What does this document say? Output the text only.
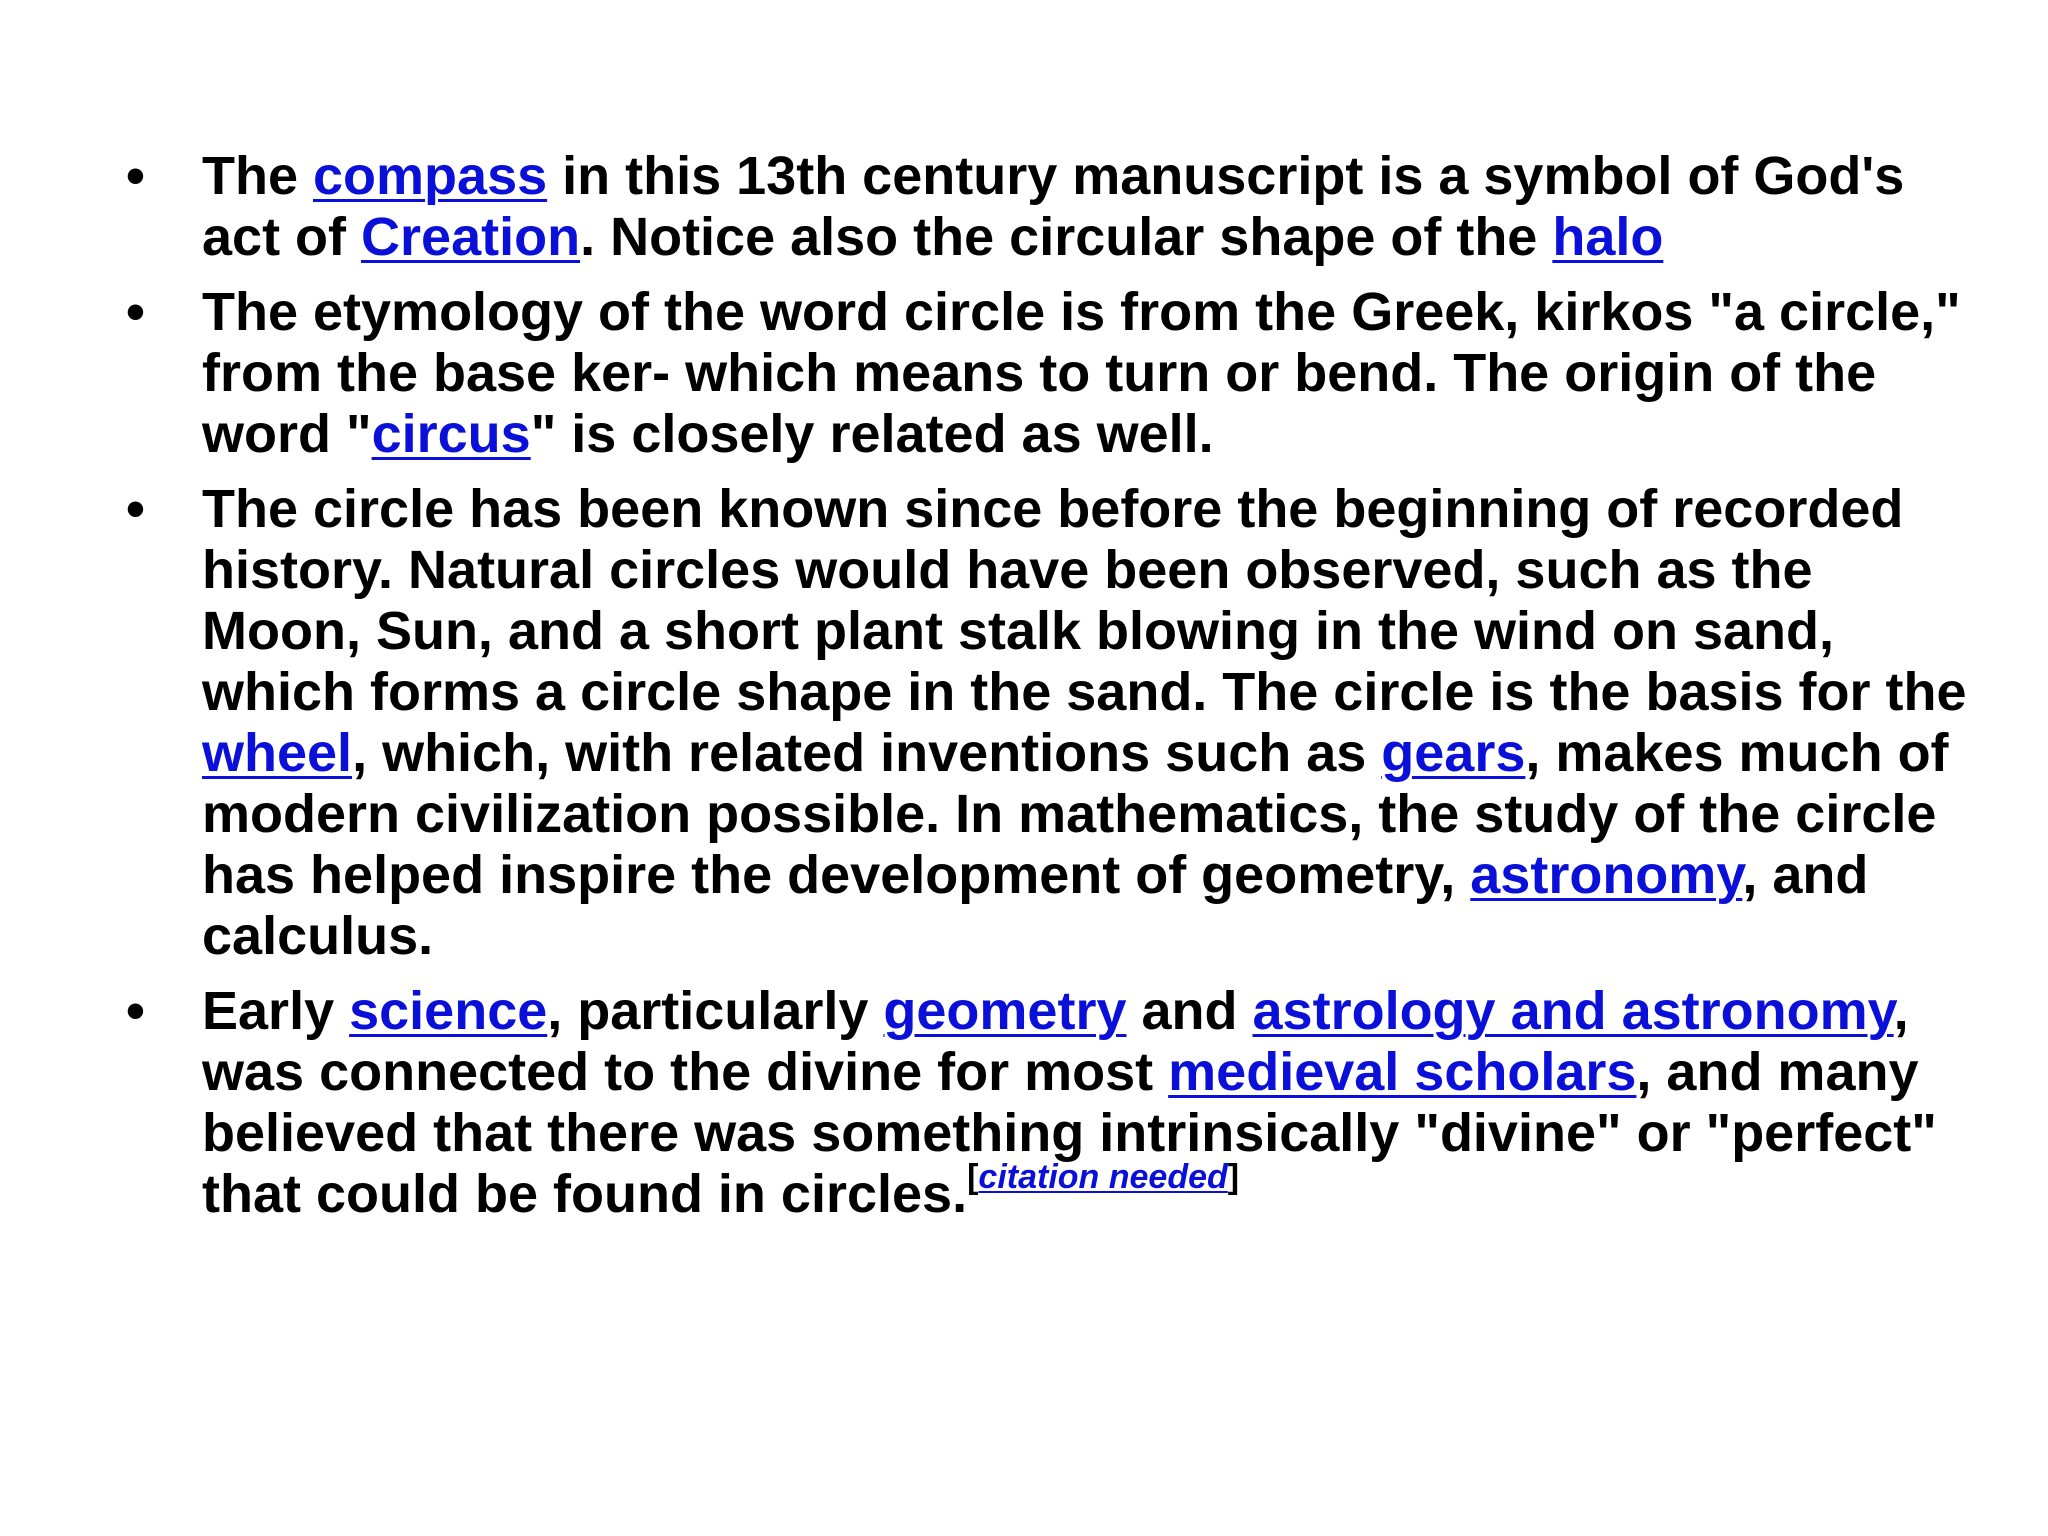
• The compass in this 13th century manuscript is a symbol of God's act of Creation. Notice also the circular shape of the halo
• The etymology of the word circle is from the Greek, kirkos "a circle," from the base ker- which means to turn or bend. The origin of the word "circus" is closely related as well.
• The circle has been known since before the beginning of recorded history. Natural circles would have been observed, such as the Moon, Sun, and a short plant stalk blowing in the wind on sand, which forms a circle shape in the sand. The circle is the basis for the wheel, which, with related inventions such as gears, makes much of modern civilization possible. In mathematics, the study of the circle has helped inspire the development of geometry, astronomy, and calculus.
• Early science, particularly geometry and astrology and astronomy, was connected to the divine for most medieval scholars, and many believed that there was something intrinsically "divine" or "perfect" that could be found in circles.[citation needed]
